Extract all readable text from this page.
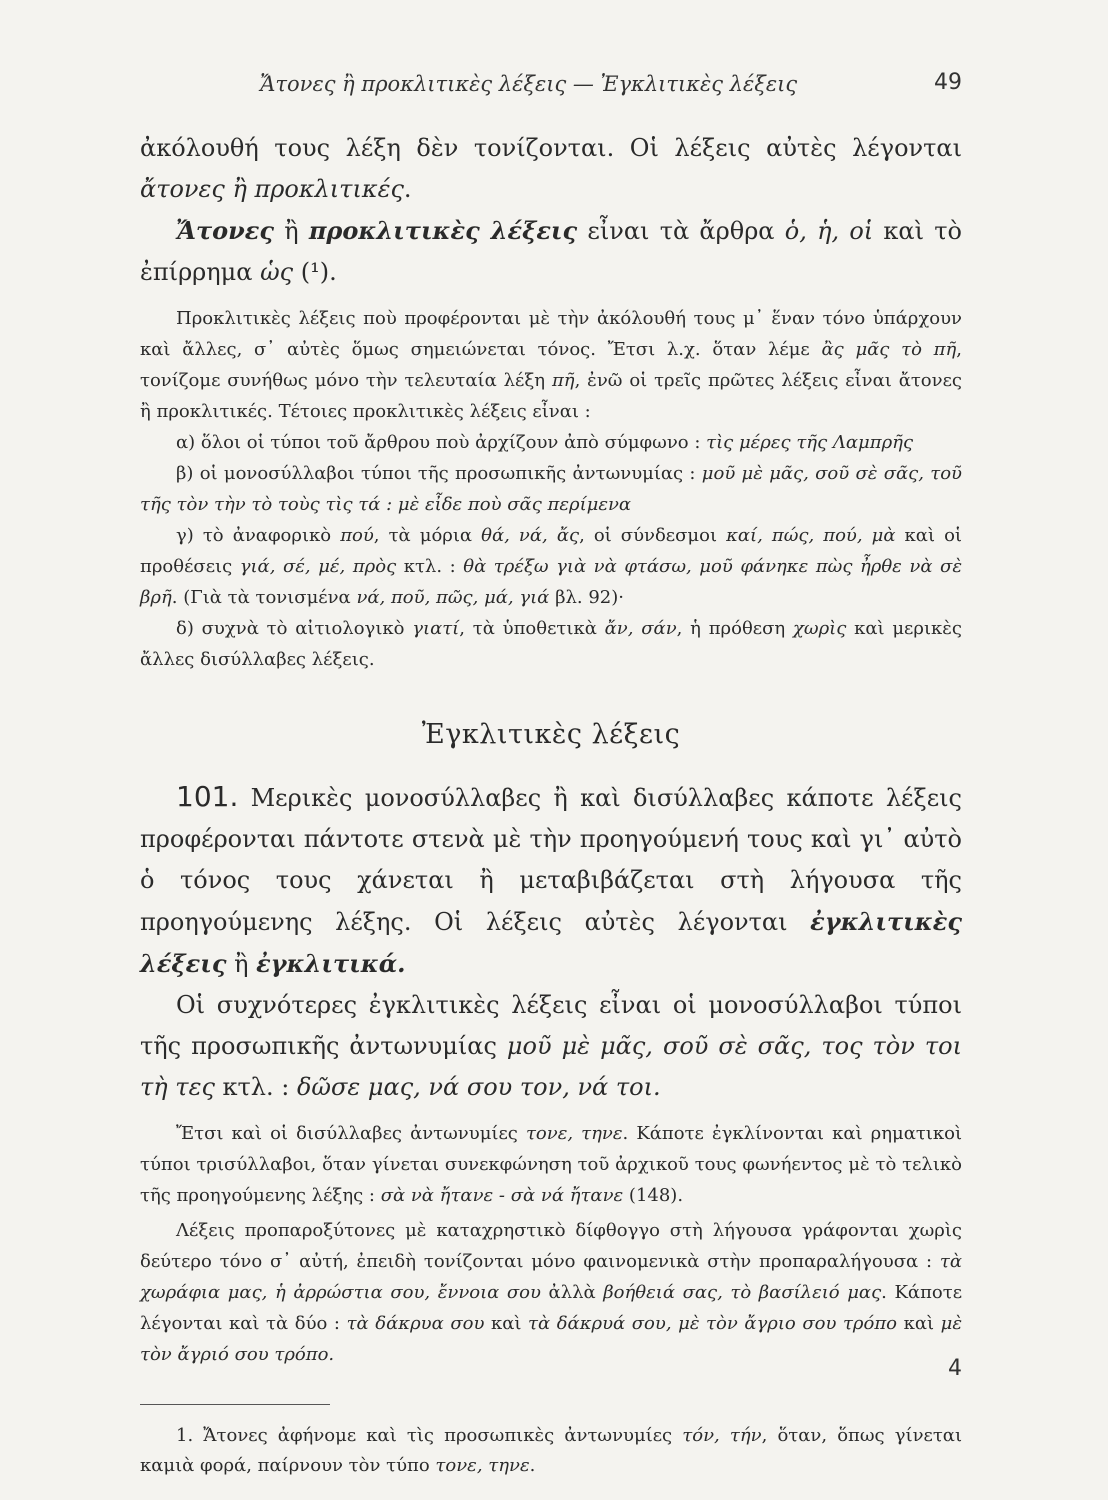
Ἄτονες ἢ προκλιτικὲς λέξεις — Ἐγκλιτικὲς λέξεις	49

ἀκόλουθή τους λέξη δὲν τονίζονται. Οἱ λέξεις αὐτὲς λέγονται ἄτονες ἢ προκλιτικές.

Ἄτονες ἢ προκλιτικὲς λέξεις εἶναι τὰ ἄρθρα ὁ, ἡ, οἱ καὶ τὸ ἐπίρρημα ὡς (¹).

Προκλιτικὲς λέξεις ποὺ προφέρονται μὲ τὴν ἀκόλουθή τους μ᾽ ἕναν τόνο ὑπάρχουν καὶ ἄλλες, σ᾽ αὐτὲς ὅμως σημειώνεται τόνος. Ἔτσι λ.χ. ὅταν λέμε ἂς μᾶς τὸ πῆ, τονίζομε συνήθως μόνο τὴν τελευταία λέξη πῆ, ἐνῶ οἱ τρεῖς πρῶτες λέξεις εἶναι ἄτονες ἢ προκλιτικές. Τέτοιες προκλιτικὲς λέξεις εἶναι :

α) ὅλοι οἱ τύποι τοῦ ἄρθρου ποὺ ἀρχίζουν ἀπὸ σύμφωνο : τὶς μέρες τῆς Λαμπρῆς

β) οἱ μονοσύλλαβοι τύποι τῆς προσωπικῆς ἀντωνυμίας : μοῦ μὲ μᾶς, σοῦ σὲ σᾶς, τοῦ τῆς τὸν τὴν τὸ τοὺς τὶς τά : μὲ εἶδε ποὺ σᾶς περίμενα

γ) τὸ ἀναφορικὸ πού, τὰ μόρια θά, νά, ἄς, οἱ σύνδεσμοι καί, πώς, πού, μὰ καὶ οἱ προθέσεις γιά, σέ, μέ, πρὸς κτλ. : θὰ τρέξω γιὰ νὰ φτάσω, μοῦ φάνηκε πὼς ἦρθε νὰ σὲ βρῆ. (Γιὰ τὰ τονισμένα νά, ποῦ, πῶς, μά, γιά βλ. 92)·

δ) συχνὰ τὸ αἰτιολογικὸ γιατί, τὰ ὑποθετικὰ ἄν, σάν, ἡ πρόθεση χωρὶς καὶ μερικὲς ἄλλες δισύλλαβες λέξεις.

Ἐγκλιτικὲς λέξεις

101. Μερικὲς μονοσύλλαβες ἢ καὶ δισύλλαβες κάποτε λέξεις προφέρονται πάντοτε στενὰ μὲ τὴν προηγούμενή τους καὶ γι᾽ αὐτὸ ὁ τόνος τους χάνεται ἢ μεταβιβάζεται στὴ λήγουσα τῆς προηγούμενης λέξης. Οἱ λέξεις αὐτὲς λέγονται ἐγκλιτικὲς λέξεις ἢ ἐγκλιτικά.

Οἱ συχνότερες ἐγκλιτικὲς λέξεις εἶναι οἱ μονοσύλλαβοι τύποι τῆς προσωπικῆς ἀντωνυμίας μοῦ μὲ μᾶς, σοῦ σὲ σᾶς, τος τὸν τοι τὴ τες κτλ. : δῶσε μας, νά σου τον, νά τοι.

Ἔτσι καὶ οἱ δισύλλαβες ἀντωνυμίες τονε, τηνε. Κάποτε ἐγκλίνονται καὶ ρηματικοὶ τύποι τρισύλλαβοι, ὅταν γίνεται συνεκφώνηση τοῦ ἀρχικοῦ τους φωνήεντος μὲ τὸ τελικὸ τῆς προηγούμενης λέξης : σὰ νὰ ἤτανε - σὰ νά ἤτανε (148).

Λέξεις προπαροξύτονες μὲ καταχρηστικὸ δίφθογγο στὴ λήγουσα γράφονται χωρὶς δεύτερο τόνο σ᾽ αὐτή, ἐπειδὴ τονίζονται μόνο φαινομενικὰ στὴν προπαραλήγουσα : τὰ χωράφια μας, ἡ ἀρρώστια σου, ἔννοια σου ἀλλὰ βοήθειά σας, τὸ βασίλειό μας. Κάποτε λέγονται καὶ τὰ δύο : τὰ δάκρυα σου καὶ τὰ δάκρυά σου, μὲ τὸν ἄγριο σου τρόπο καὶ μὲ τὸν ἄγριό σου τρόπο.

1. Ἄτονες ἀφήνομε καὶ τὶς προσωπικὲς ἀντωνυμίες τόν, τήν, ὅταν, ὅπως γίνεται καμιὰ φορά, παίρνουν τὸν τύπο τονε, τηνε.

4
